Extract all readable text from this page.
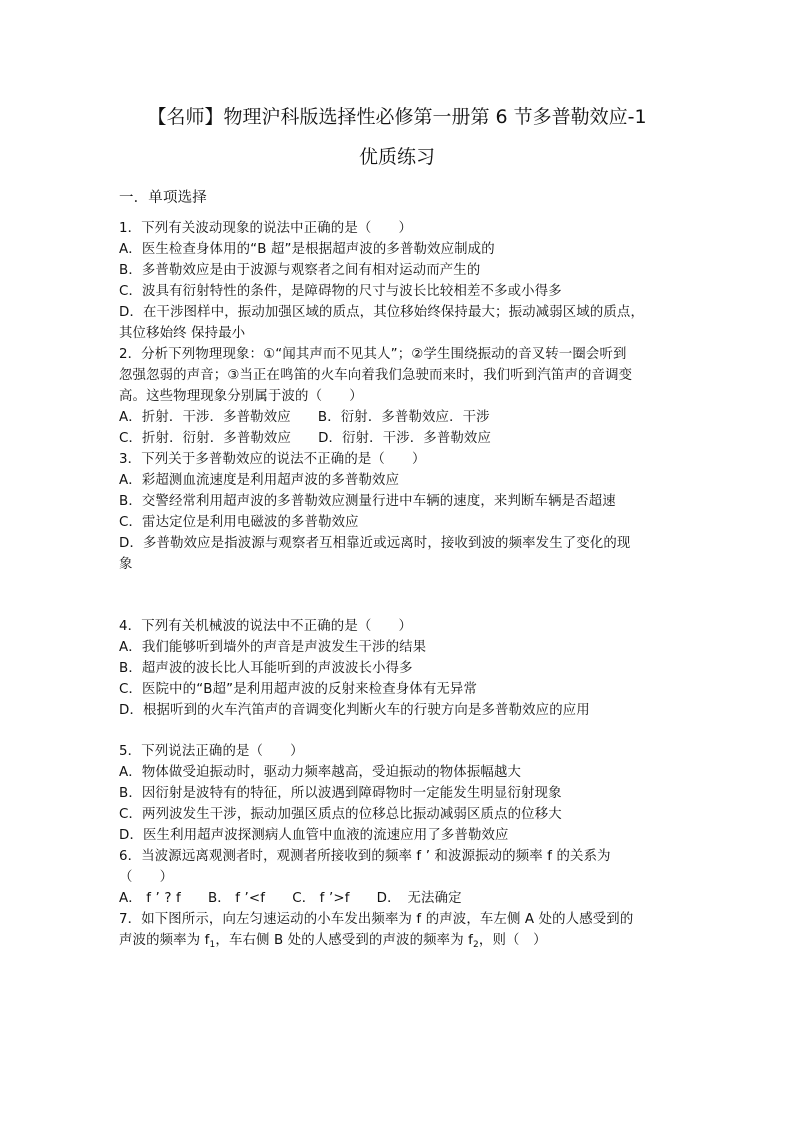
【名师】物理沪科版选择性必修第一册第 6 节多普勒效应-1
优质练习
一．单项选择
1．下列有关波动现象的说法中正确的是（　　）
A．医生检查身体用的“B 超”是根据超声波的多普勒效应制成的
B．多普勒效应是由于波源与观察者之间有相对运动而产生的
C．波具有衍射特性的条件，是障碍物的尺寸与波长比较相差不多或小得多
D．在干涉图样中，振动加强区域的质点，其位移始终保持最大；振动减弱区域的质点，
其位移始终 保持最小
2．分析下列物理现象：①“闻其声而不见其人”；②学生围绕振动的音叉转一圈会听到
忽强忽弱的声音；③当正在鸣笛的火车向着我们急驶而来时，我们听到汽笛声的音调变
高。这些物理现象分别属于波的（　　）
A．折射．干涉．多普勒效应　　B．衍射．多普勒效应．干涉
C．折射．衍射．多普勒效应　　D．衍射．干涉．多普勒效应
3．下列关于多普勒效应的说法不正确的是（　　）
A．彩超测血流速度是利用超声波的多普勒效应
B．交警经常利用超声波的多普勒效应测量行进中车辆的速度，来判断车辆是否超速
C．雷达定位是利用电磁波的多普勒效应
D．多普勒效应是指波源与观察者互相靠近或远离时，接收到波的频率发生了变化的现
象
4．下列有关机械波的说法中不正确的是（　　）
A．我们能够听到墙外的声音是声波发生干涉的结果
B．超声波的波长比人耳能听到的声波波长小得多
C．医院中的“B超”是利用超声波的反射来检查身体有无异常
D．根据听到的火车汽笛声的音调变化判断火车的行驶方向是多普勒效应的应用
5．下列说法正确的是（　　）
A．物体做受迫振动时，驱动力频率越高，受迫振动的物体振幅越大
B．因衍射是波特有的特征，所以波遇到障碍物时一定能发生明显衍射现象
C．两列波发生干涉，振动加强区质点的位移总比振动减弱区质点的位移大
D．医生利用超声波探测病人血管中血液的流速应用了多普勒效应
6．当波源远离观测者时，观测者所接收到的频率 f ’ 和波源振动的频率 f 的关系为
（　　）
A． f ’ ? f　　B． f ’<f　　C． f ’>f　　D．　无法确定
7．如下图所示，向左匀速运动的小车发出频率为 f 的声波，车左侧 A 处的人感受到的
声波的频率为 $f_1$，车右侧 B 处的人感受到的声波的频率为 $f_2$，则（　）
